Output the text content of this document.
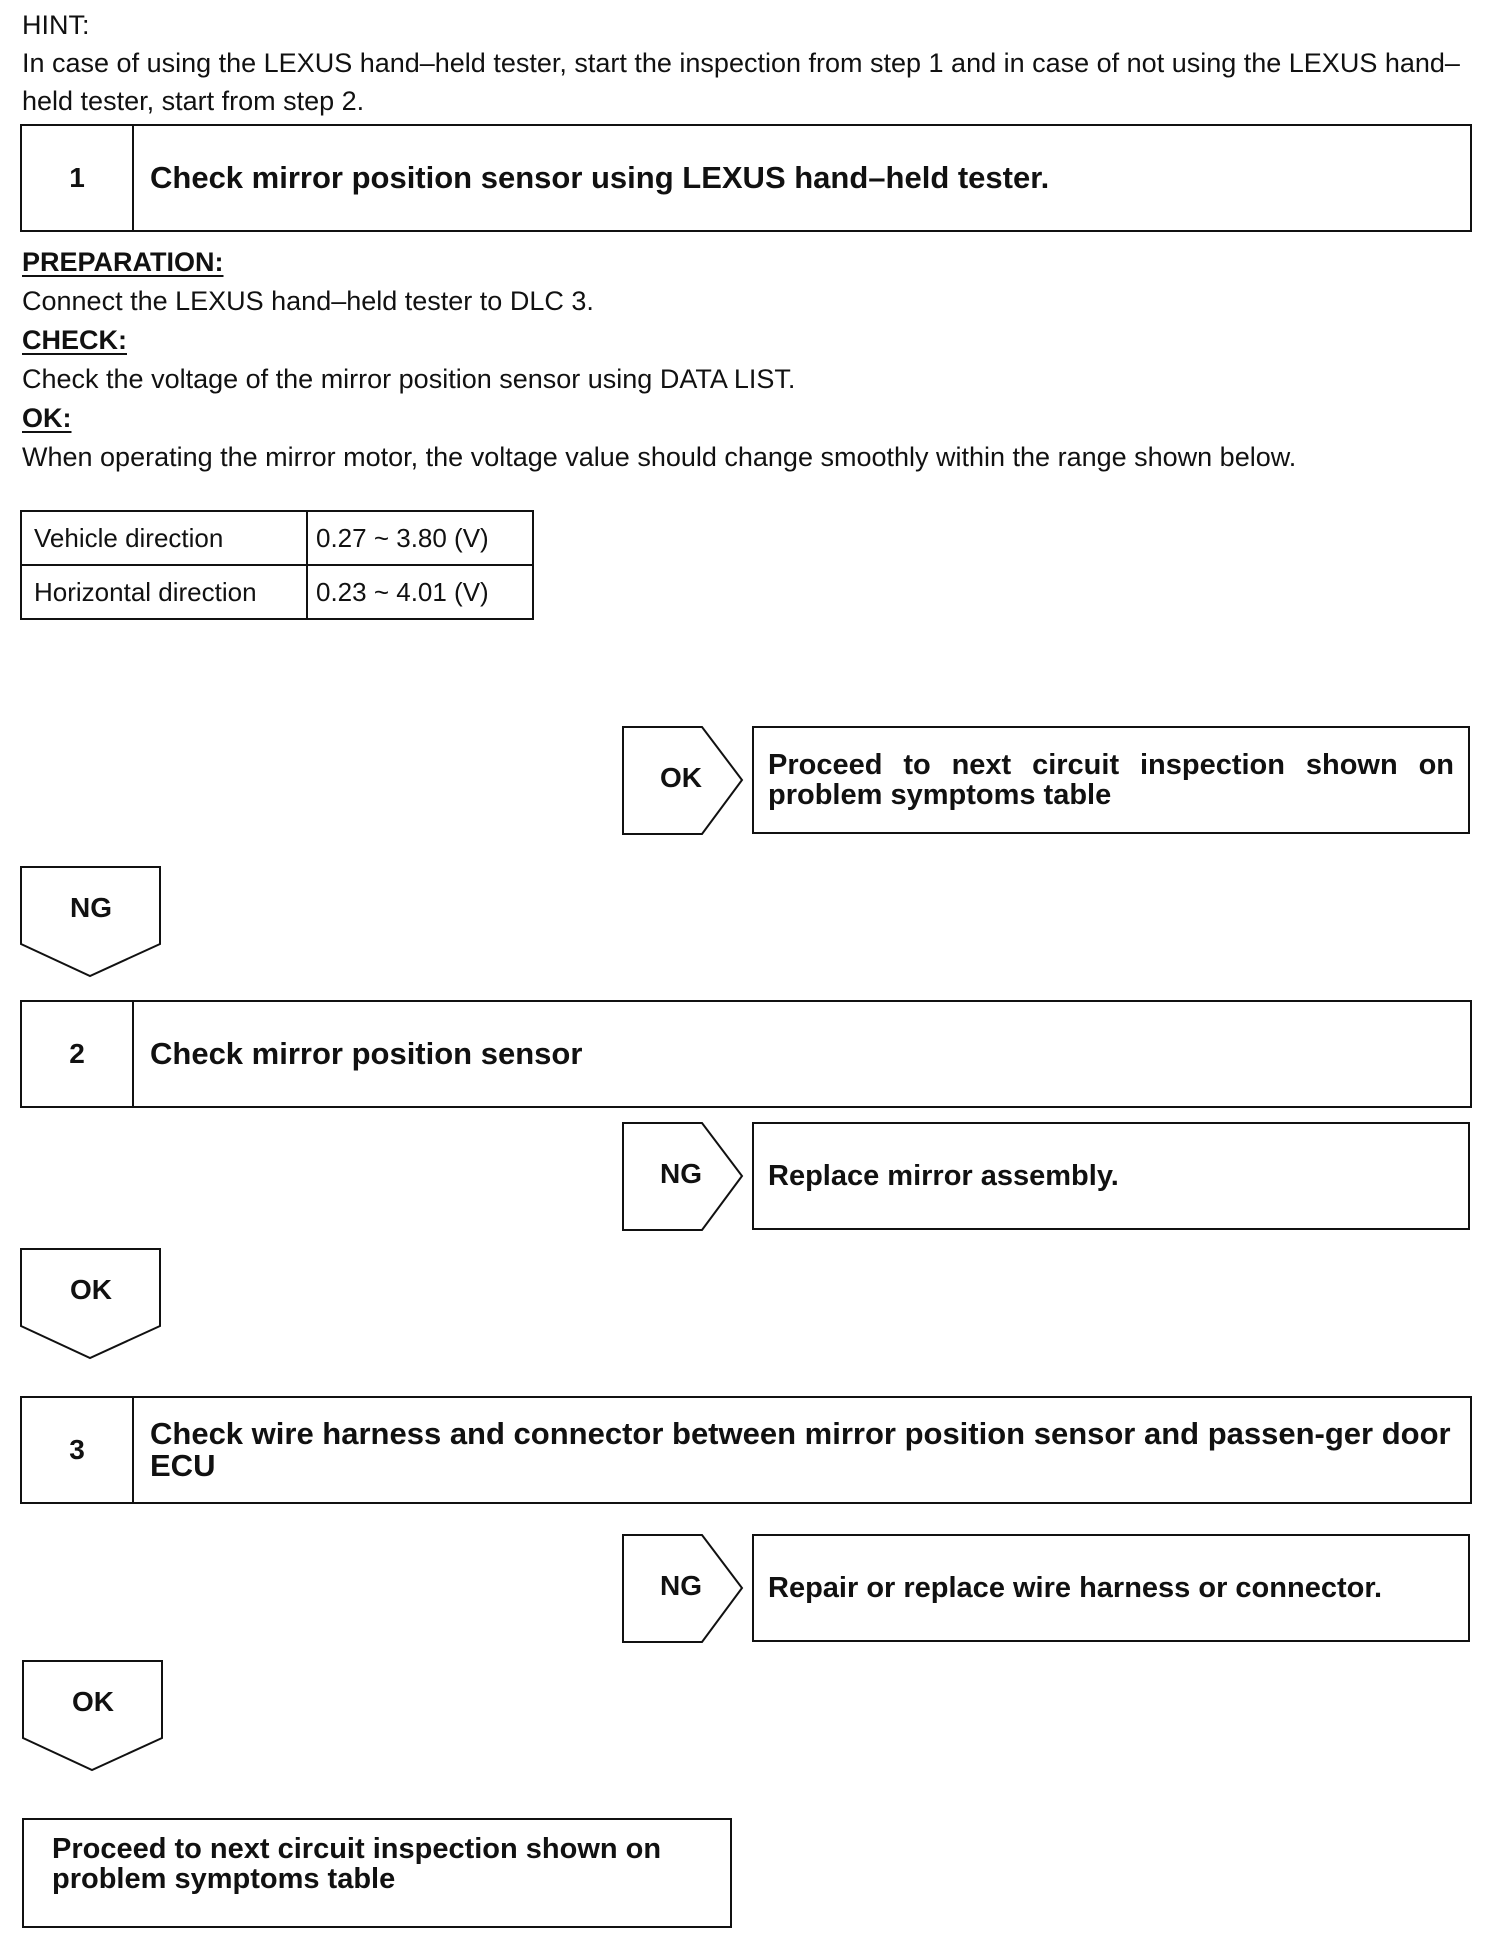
HINT:
In case of using the LEXUS hand–held tester, start the inspection from step 1 and in case of not using the LEXUS hand–held tester, start from step 2.
1	Check mirror position sensor using LEXUS hand–held tester.
PREPARATION:
Connect the LEXUS hand–held tester to DLC 3.
CHECK:
Check the voltage of the mirror position sensor using DATA LIST.
OK:
When operating the mirror motor, the voltage value should change smoothly within the range shown below.
Vehicle direction	0.27 ~ 3.80 (V)
Horizontal direction	0.23 ~ 4.01 (V)
OK	Proceed to next circuit inspection shown on problem symptoms table
NG
2	Check mirror position sensor
NG	Replace mirror assembly.
OK
3	Check wire harness and connector between mirror position sensor and passen-ger door ECU
NG	Repair or replace wire harness or connector.
OK
Proceed to next circuit inspection shown on problem symptoms table
